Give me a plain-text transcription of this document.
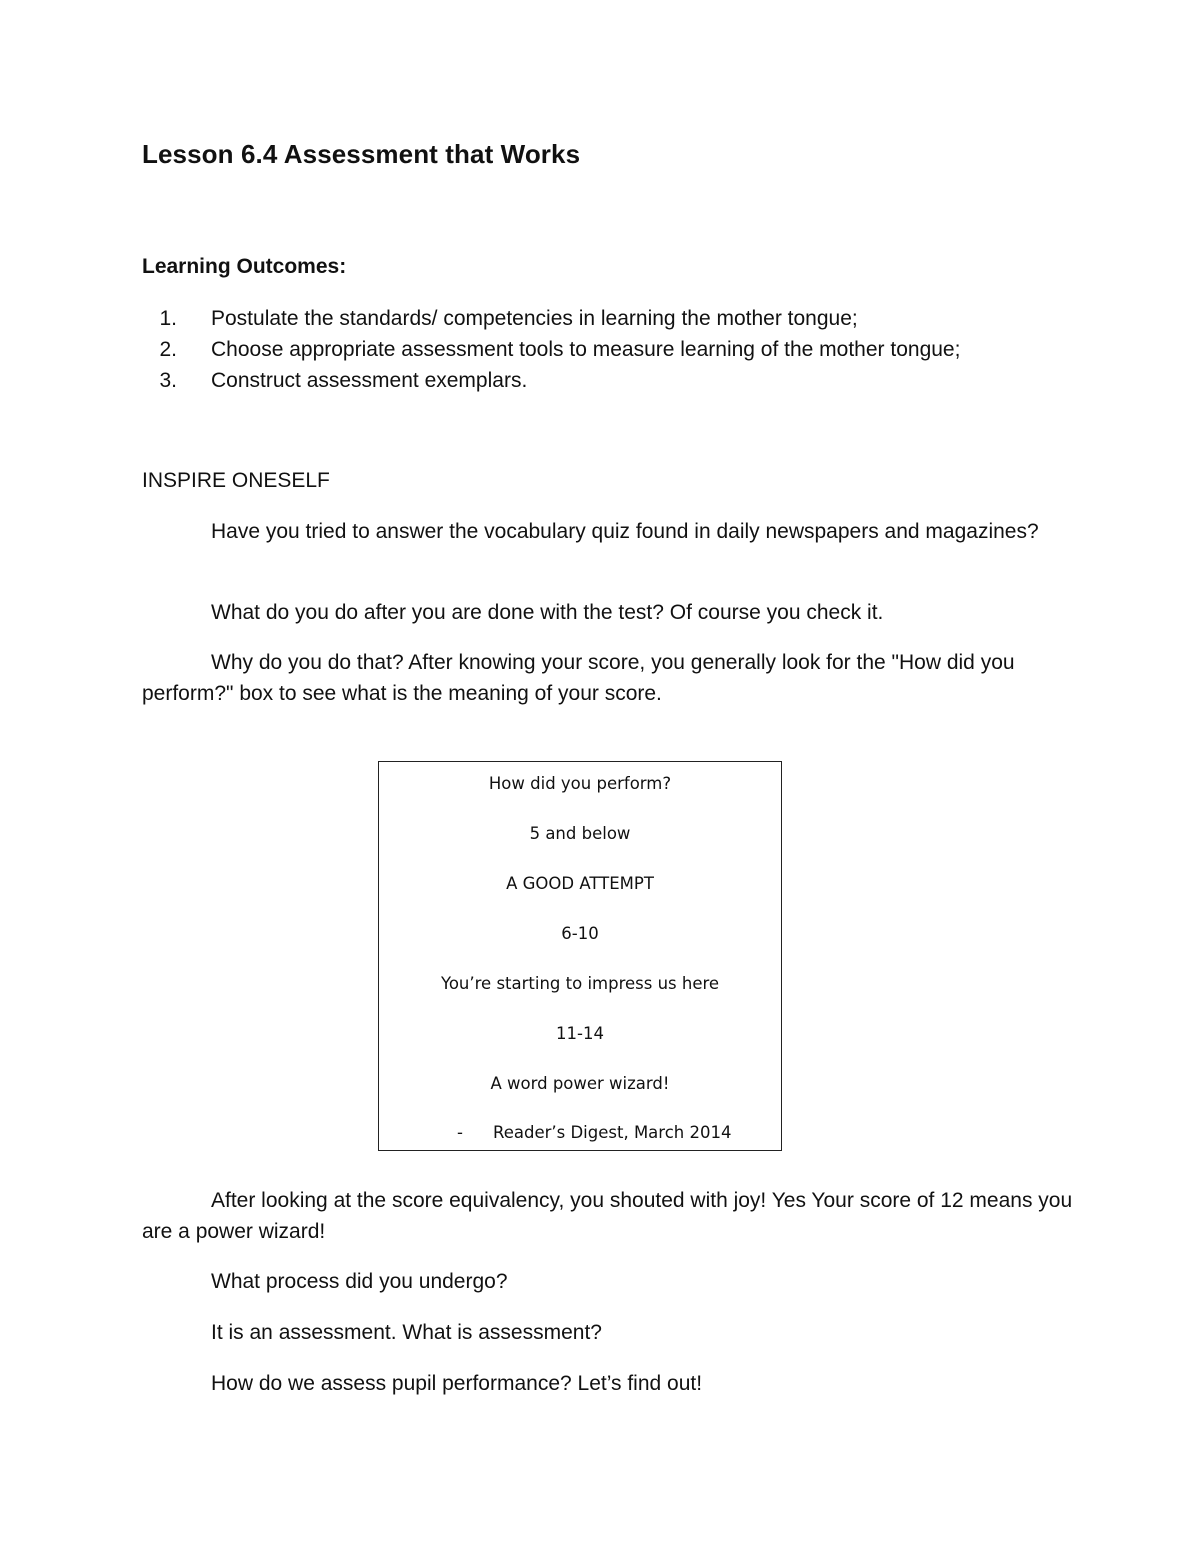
Lesson 6.4 Assessment that Works
Learning Outcomes:
1. Postulate the standards/ competencies in learning the mother tongue;
2. Choose appropriate assessment tools to measure learning of the mother tongue;
3. Construct assessment exemplars.

INSPIRE ONESELF

Have you tried to answer the vocabulary quiz found in daily newspapers and magazines?

What do you do after you are done with the test? Of course you check it.

Why do you do that? After knowing your score, you generally look for the "How did you perform?" box to see what is the meaning of your score.

How did you perform?
5 and below
A GOOD ATTEMPT
6-10
You’re starting to impress us here
11-14
A word power wizard!
- Reader’s Digest, March 2014

After looking at the score equivalency, you shouted with joy! Yes Your score of 12 means you are a power wizard!

What process did you undergo?

It is an assessment. What is assessment?

How do we assess pupil performance? Let’s find out!
